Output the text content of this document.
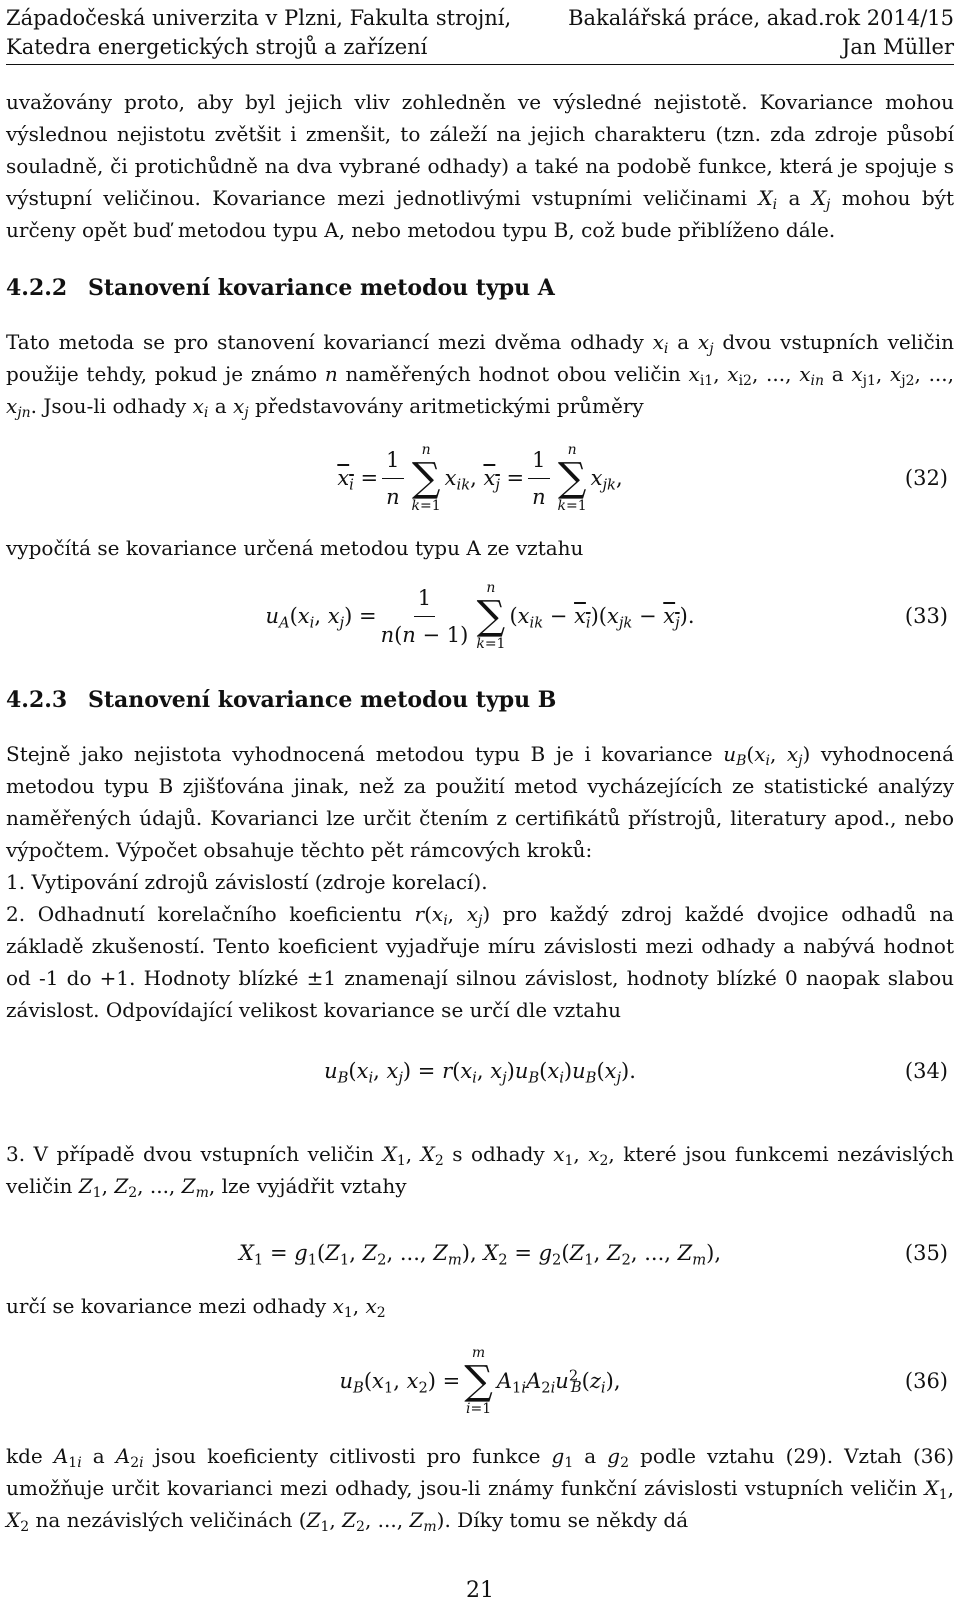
Západočeská univerzita v Plzni, Fakulta strojní,
Katedra energetických strojů a zařízení
Bakalářská práce, akad.rok 2014/15
Jan Müller

uvažovány proto, aby byl jejich vliv zohledněn ve výsledné nejistotě. Kovariance mohou výslednou nejistotu zvětšit i zmenšit, to záleží na jejich charakteru (tzn. zda zdroje působí souladně, či protichůdně na dva vybrané odhady) a také na podobě funkce, která je spojuje s výstupní veličinou. Kovariance mezi jednotlivými vstupními veličinami $X_i$ a $X_j$ mohou být určeny opět buď metodou typu A, nebo metodou typu B, což bude přiblíženo dále.

4.2.2 Stanovení kovariance metodou typu A

Tato metoda se pro stanovení kovariancí mezi dvěma odhady $x_i$ a $x_j$ dvou vstupních veličin použije tehdy, pokud je známo n naměřených hodnot obou veličin $x_{i1}$, $x_{i2}$, ..., $x_{in}$ a $x_{j1}$, $x_{j2}$, ..., $x_{jn}$. Jsou-li odhady $x_i$ a $x_j$ představovány aritmetickými průměry

$x_i = \frac{1}{n}$ n
∑
k=1
$x_{ik}$, $x_j = \frac{1}{n}$ n
∑
k=1
$x_{jk}$,	(32)

vypočítá se kovariance určená metodou typu A ze vztahu

$u_A(x_i$, $x_j) = \frac{1}{n(n - 1)}$ n
∑
k=1
$(x_{ik} - x_i)(x_{jk} - x_j)$.	(33)
4.2.3 Stanovení kovariance metodou typu B

Stejně jako nejistota vyhodnocená metodou typu B je i kovariance $u_B(x_i$, $x_j$) vyhodnocená metodou typu B zjišťována jinak, než za použití metod vycházejících ze statistické analýzy naměřených údajů. Kovarianci lze určit čtením z certifikátů přístrojů, literatury apod., nebo výpočtem. Výpočet obsahuje těchto pět rámcových kroků:

1. Vytipování zdrojů závislostí (zdroje korelací).

2. Odhadnutí korelačního koeficientu $r(x_i$, $x_j$) pro každý zdroj každé dvojice odhadů na základě zkušeností. Tento koeficient vyjadřuje míru závislosti mezi odhady a nabývá hodnot od -1 do +1. Hodnoty blízké ±1 znamenají silnou závislost, hodnoty blízké 0 naopak slabou závislost. Odpovídající velikost kovariance se určí dle vztahu

$u_B(x_i$, $x_j) = r(x_i$, $x_j)u_B(x_i)u_B(x_j)$.	(34)

3. V případě dvou vstupních veličin $X_1$, $X_2$ s odhady $x_1$, $x_2$, které jsou funkcemi nezávislých veličin $Z_1$, $Z_2$, ..., $Z_m$, lze vyjádřit vztahy

$X_1 = g_1(Z_1$, $Z_2$, ..., $Z_m$), $X_2 = g_2(Z_1$, $Z_2$, ..., $Z_m$),	(35)

určí se kovariance mezi odhady $x_1$, $x_2$

$u_B(x_1$, $x_2$) =
m
∑
i=1
$A_{1i}A_{2i}u^2_B(z_i)$,	(36)

kde $A_{1i}$ a $A_{2i}$ jsou koeficienty citlivosti pro funkce $g_1$ a $g_2$ podle vztahu (29). Vztah (36) umožňuje určit kovarianci mezi odhady, jsou-li známy funkční závislosti vstupních veličin $X_1$, $X_2$ na nezávislých veličinách ($Z_1$, $Z_2$, ..., $Z_m$). Díky tomu se někdy dá

21
